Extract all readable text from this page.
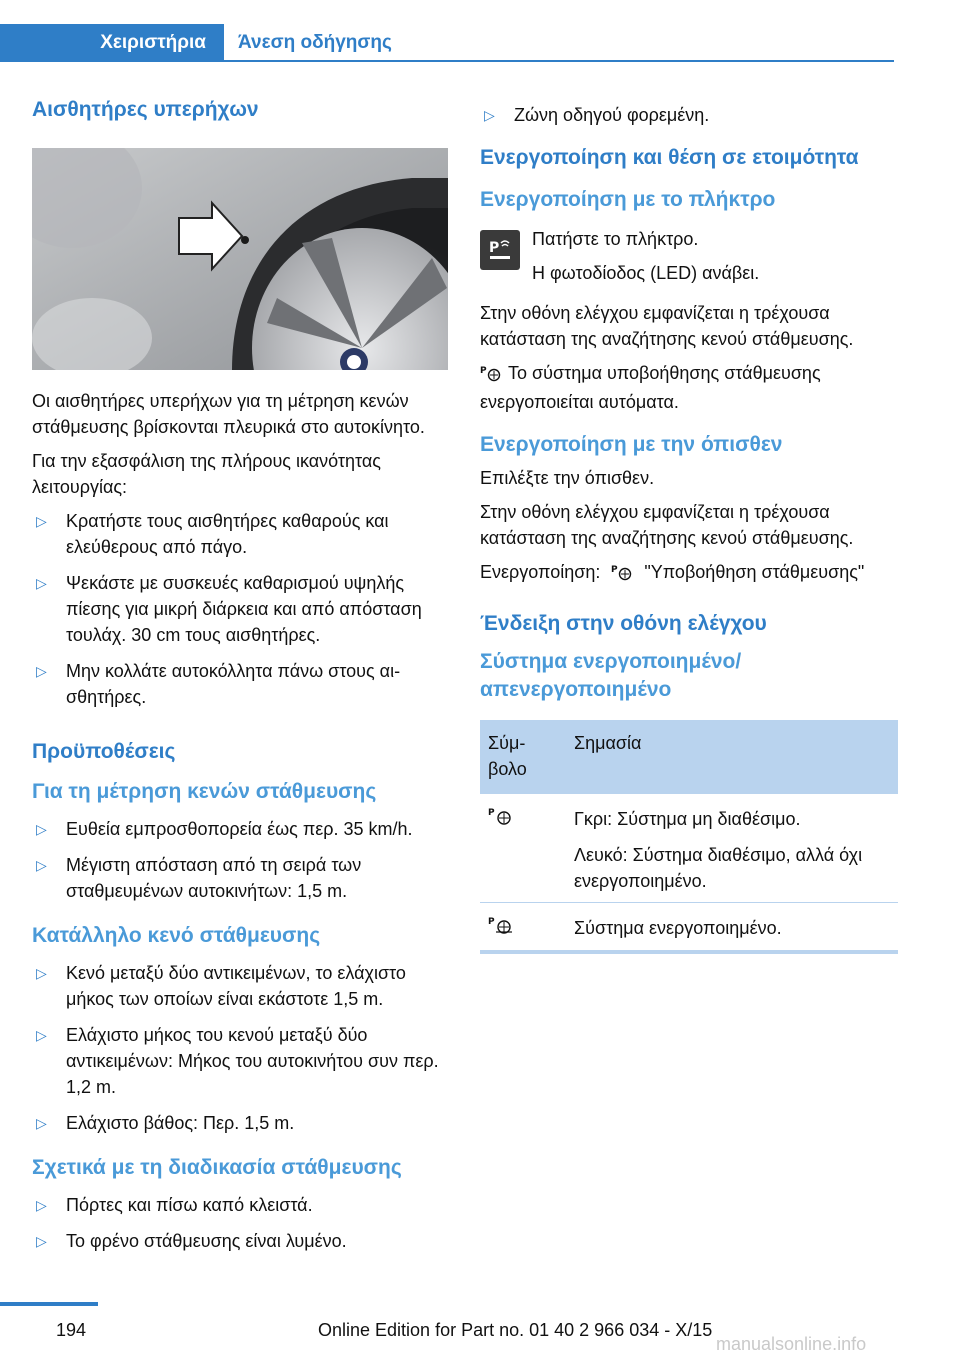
Χειριστήρια Άνεση οδήγησης
Αισθητήρες υπερήχων

Οι αισθητήρες υπερήχων για τη μέτρηση κενών στάθμευσης βρίσκονται πλευρικά στο αυτοκίνητο.

Για την εξασφάλιση της πλήρους ικανότητας λειτουργίας:

▷ Κρατήστε τους αισθητήρες καθαρούς και ελεύθερους από πάγο.
▷ Ψεκάστε με συσκευές καθαρισμού υψηλής πίεσης για μικρή διάρκεια και από απόσταση τουλάχ. 30 cm τους αισθητήρες.
▷ Μην κολλάτε αυτοκόλλητα πάνω στους αισθητήρες.
Προϋποθέσεις
Για τη μέτρηση κενών στάθμευσης
▷ Ευθεία εμπροσθοπορεία έως περ. 35 km/h.
▷ Μέγιστη απόσταση από τη σειρά των σταθμευμένων αυτοκινήτων: 1,5 m.
Κατάλληλο κενό στάθμευσης
▷ Κενό μεταξύ δύο αντικειμένων, το ελάχιστο μήκος των οποίων είναι εκάστοτε 1,5 m.
▷ Ελάχιστο μήκος του κενού μεταξύ δύο αντικειμένων: Μήκος του αυτοκινήτου συν περ. 1,2 m.
▷ Ελάχιστο βάθος: Περ. 1,5 m.
Σχετικά με τη διαδικασία στάθμευσης
▷ Πόρτες και πίσω καπό κλειστά.
▷ Το φρένο στάθμευσης είναι λυμένο.
▷ Ζώνη οδηγού φορεμένη.
Ενεργοποίηση και θέση σε ετοιμότητα
Ενεργοποίηση με το πλήκτρο
P Πατήστε το πλήκτρο.
Η φωτοδίοδος (LED) ανάβει.

Στην οθόνη ελέγχου εμφανίζεται η τρέχουσα κατάσταση της αναζήτησης κενού στάθμευσης.

P Το σύστημα υποβοήθησης στάθμευσης ενεργοποιείται αυτόματα.

Ενεργοποίηση με την όπισθεν

Επιλέξτε την όπισθεν.

Στην οθόνη ελέγχου εμφανίζεται η τρέχουσα κατάσταση της αναζήτησης κενού στάθμευσης.

Ενεργοποίηση: P "Υποβοήθηση στάθμευσης"

Ένδειξη στην οθόνη ελέγχου
Σύστημα ενεργοποιημένο/ απενεργοποιημένο
Σύμβολο	Σημασία

P	Γκρι: Σύστημα μη διαθέσιμο.
Λευκό: Σύστημα διαθέσιμο, αλλά όχι ενεργοποιημένο.

P	Σύστημα ενεργοποιημένο.
194	Online Edition for Part no. 01 40 2 966 034 - X/15
manualsonline.info
